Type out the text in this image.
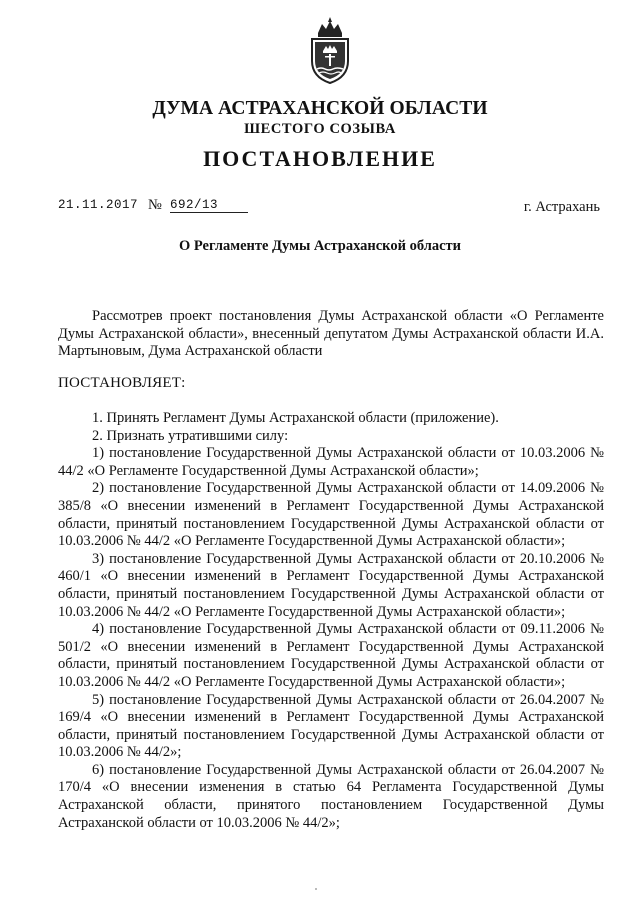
ДУМА АСТРАХАНСКОЙ ОБЛАСТИ
ШЕСТОГО СОЗЫВА
ПОСТАНОВЛЕНИЕ
21.11.2017 № 692/13	г. Астрахань
О Регламенте Думы Астраханской области
Рассмотрев проект постановления Думы Астраханской области «О Регламенте Думы Астраханской области», внесенный депутатом Думы Астраханской области И.А. Мартыновым, Дума Астраханской области
ПОСТАНОВЛЯЕТ:

1. Принять Регламент Думы Астраханской области (приложение).

2. Признать утратившими силу:

1) постановление Государственной Думы Астраханской области от 10.03.2006 № 44/2 «О Регламенте Государственной Думы Астраханской области»;

2) постановление Государственной Думы Астраханской области от 14.09.2006 № 385/8 «О внесении изменений в Регламент Государственной Думы Астраханской области, принятый постановлением Государственной Думы Астраханской области от 10.03.2006 № 44/2 «О Регламенте Государственной Думы Астраханской области»;

3) постановление Государственной Думы Астраханской области от 20.10.2006 № 460/1 «О внесении изменений в Регламент Государственной Думы Астраханской области, принятый постановлением Государственной Думы Астраханской области от 10.03.2006 № 44/2 «О Регламенте Государственной Думы Астраханской области»;

4) постановление Государственной Думы Астраханской области от 09.11.2006 № 501/2 «О внесении изменений в Регламент Государственной Думы Астраханской области, принятый постановлением Государственной Думы Астраханской области от 10.03.2006 № 44/2 «О Регламенте Государственной Думы Астраханской области»;

5) постановление Государственной Думы Астраханской области от 26.04.2007 № 169/4 «О внесении изменений в Регламент Государственной Думы Астраханской области, принятый постановлением Государственной Думы Астраханской области от 10.03.2006 № 44/2»;

6) постановление Государственной Думы Астраханской области от 26.04.2007 № 170/4 «О внесении изменения в статью 64 Регламента Государственной Думы Астраханской области, принятого постановлением Государственной Думы Астраханской области от 10.03.2006 № 44/2»;
